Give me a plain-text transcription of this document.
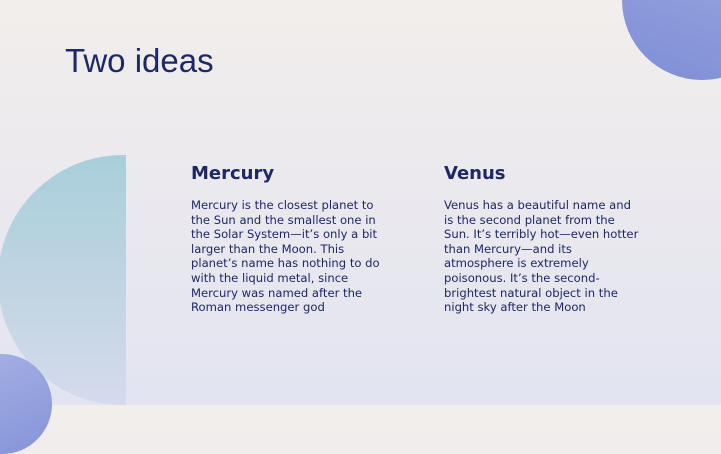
Two ideas
Mercury
Mercury is the closest planet to
the Sun and the smallest one in
the Solar System—it’s only a bit
larger than the Moon. This
planet’s name has nothing to do
with the liquid metal, since
Mercury was named after the
Roman messenger god
Venus
Venus has a beautiful name and
is the second planet from the
Sun. It’s terribly hot—even hotter
than Mercury—and its
atmosphere is extremely
poisonous. It’s the second-
brightest natural object in the
night sky after the Moon
